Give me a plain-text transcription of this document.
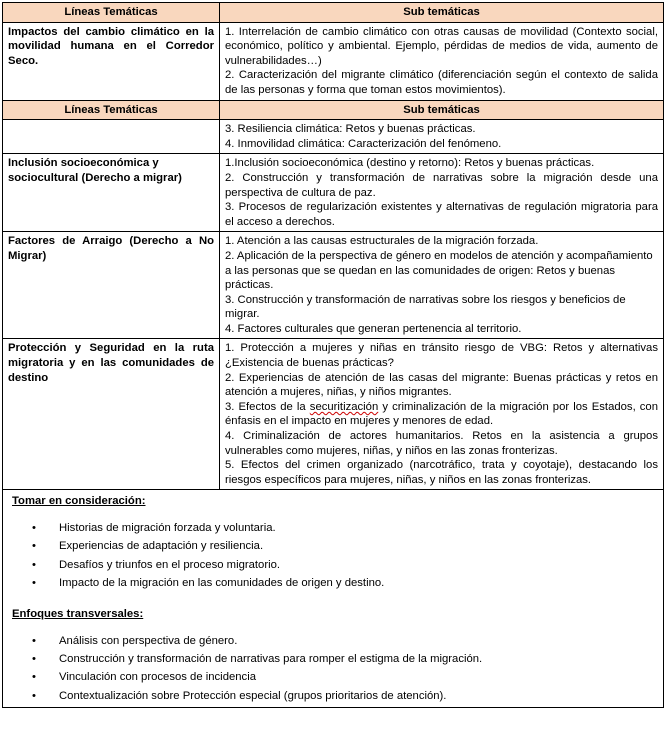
Líneas Temáticas	Sub temáticas
Impactos del cambio climático en la movilidad humana en el Corredor Seco.	1. Interrelación de cambio climático con otras causas de movilidad (Contexto social, económico, político y ambiental. Ejemplo, pérdidas de medios de vida, aumento de vulnerabilidades…)

2. Caracterización del migrante climático (diferenciación según el contexto de salida de las personas y forma que toman estos movimientos).

Líneas Temáticas	Sub temáticas

	3. Resiliencia climática: Retos y buenas prácticas.

4. Inmovilidad climática: Caracterización del fenómeno.

Inclusión socioeconómica y sociocultural (Derecho a migrar)	1.Inclusión socioeconómica (destino y retorno): Retos y buenas prácticas.

2. Construcción y transformación de narrativas sobre la migración desde una perspectiva de cultura de paz.

3. Procesos de regularización existentes y alternativas de regulación migratoria para el acceso a derechos.

Factores de Arraigo (Derecho a No Migrar)	1. Atención a las causas estructurales de la migración forzada.

2. Aplicación de la perspectiva de género en modelos de atención y acompañamiento a las personas que se quedan en las comunidades de origen: Retos y buenas prácticas.

3. Construcción y transformación de narrativas sobre los riesgos y beneficios de migrar.

4. Factores culturales que generan pertenencia al territorio.

Protección y Seguridad en la ruta migratoria y en las comunidades de destino	1. Protección a mujeres y niñas en tránsito riesgo de VBG: Retos y alternativas ¿Existencia de buenas prácticas?

2. Experiencias de atención de las casas del migrante: Buenas prácticas y retos en atención a mujeres, niñas, y niños migrantes.

3. Efectos de la securitización y criminalización de la migración por los Estados, con énfasis en el impacto en mujeres y menores de edad.

4. Criminalización de actores humanitarios. Retos en la asistencia a grupos vulnerables como mujeres, niñas, y niños en las zonas fronterizas.

5. Efectos del crimen organizado (narcotráfico, trata y coyotaje), destacando los riesgos específicos para mujeres, niñas, y niños en las zonas fronterizas.

Tomar en consideración:
• Historias de migración forzada y voluntaria.
• Experiencias de adaptación y resiliencia.
• Desafíos y triunfos en el proceso migratorio.
• Impacto de la migración en las comunidades de origen y destino.
Enfoques transversales:
• Análisis con perspectiva de género.
• Construcción y transformación de narrativas para romper el estigma de la migración.
• Vinculación con procesos de incidencia
• Contextualización sobre Protección especial (grupos prioritarios de atención).
